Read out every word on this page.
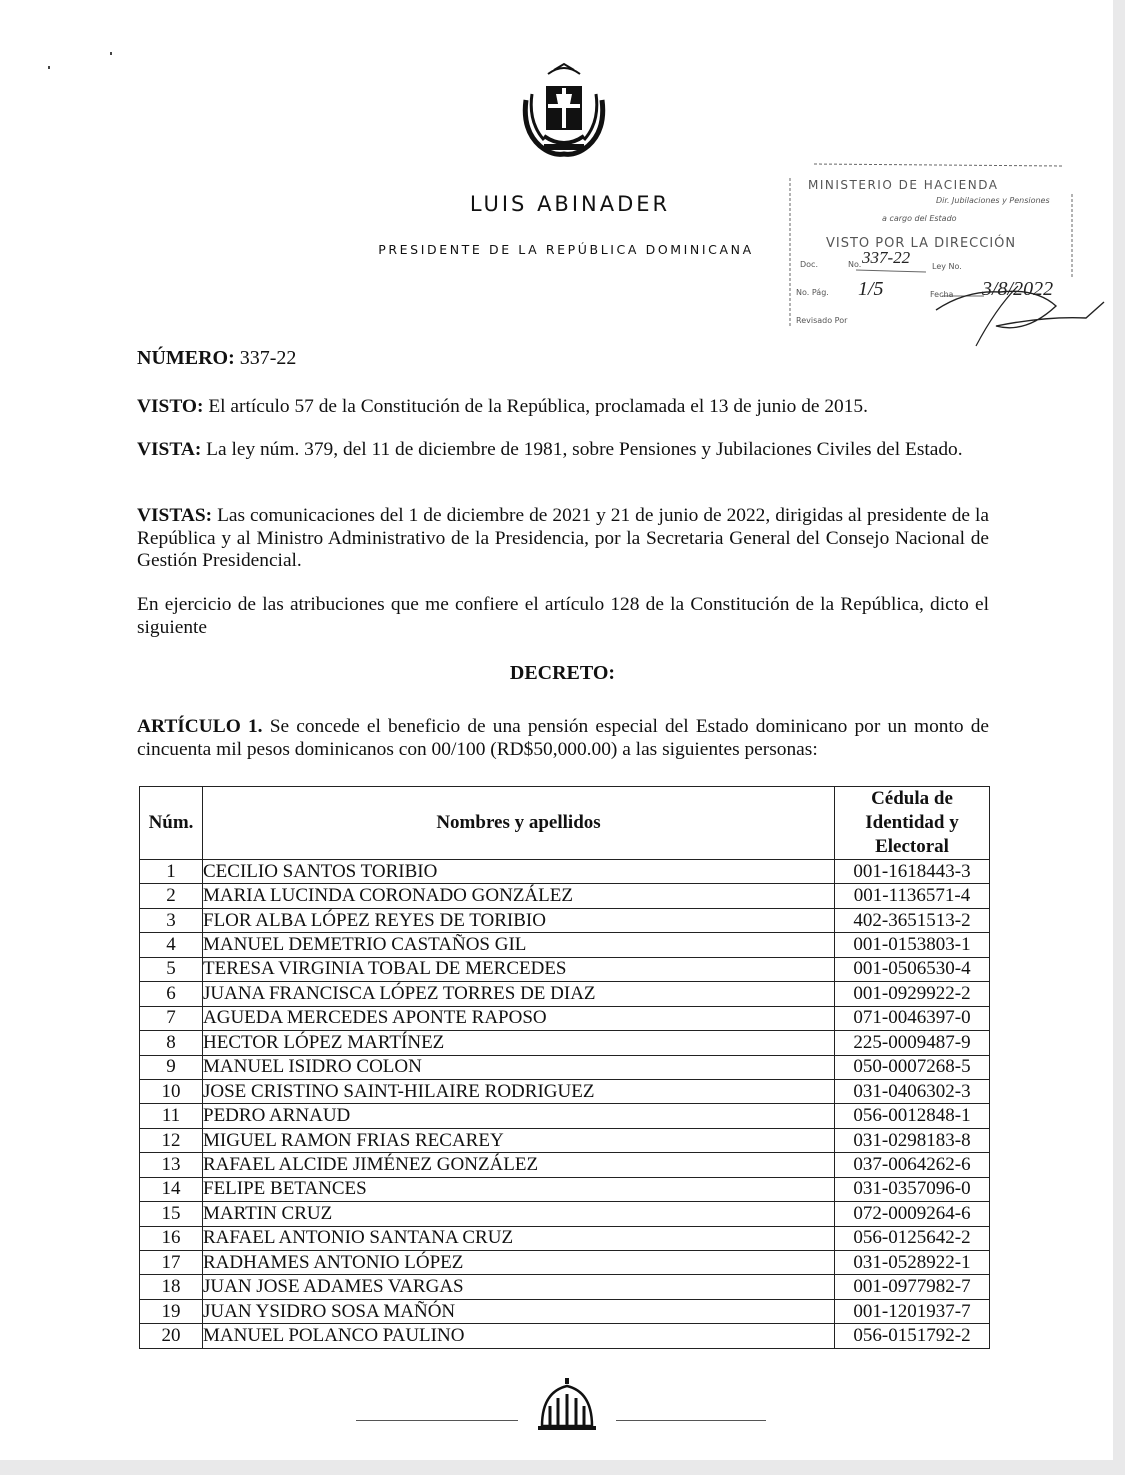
LUIS ABINADER
PRESIDENTE DE LA REPÚBLICA DOMINICANA
MINISTERIO DE HACIENDA
Dir. Jubilaciones y Pensiones
a cargo del Estado
VISTO POR LA DIRECCIÓN
Doc.	No. 337-22	Ley No.
No. Pág. 1/5	Fecha 3/8/2022
Revisado Por
NÚMERO: 337-22
VISTO: El artículo 57 de la Constitución de la República, proclamada el 13 de junio de 2015.
VISTA: La ley núm. 379, del 11 de diciembre de 1981, sobre Pensiones y Jubilaciones Civiles del Estado.
VISTAS: Las comunicaciones del 1 de diciembre de 2021 y 21 de junio de 2022, dirigidas al presidente de la República y al Ministro Administrativo de la Presidencia, por la Secretaria General del Consejo Nacional de Gestión Presidencial.
En ejercicio de las atribuciones que me confiere el artículo 128 de la Constitución de la República, dicto el siguiente
DECRETO:
ARTÍCULO 1. Se concede el beneficio de una pensión especial del Estado dominicano por un monto de cincuenta mil pesos dominicanos con 00/100 (RD$50,000.00) a las siguientes personas:
Núm.	Nombres y apellidos	Cédula de Identidad y Electoral
1	CECILIO SANTOS TORIBIO	001-1618443-3
2	MARIA LUCINDA CORONADO GONZÁLEZ	001-1136571-4
3	FLOR ALBA LÓPEZ REYES DE TORIBIO	402-3651513-2
4	MANUEL DEMETRIO CASTAÑOS GIL	001-0153803-1
5	TERESA VIRGINIA TOBAL DE MERCEDES	001-0506530-4
6	JUANA FRANCISCA LÓPEZ TORRES DE DIAZ	001-0929922-2
7	AGUEDA MERCEDES APONTE RAPOSO	071-0046397-0
8	HECTOR LÓPEZ MARTÍNEZ	225-0009487-9
9	MANUEL ISIDRO COLON	050-0007268-5
10	JOSE CRISTINO SAINT-HILAIRE RODRIGUEZ	031-0406302-3
11	PEDRO ARNAUD	056-0012848-1
12	MIGUEL RAMON FRIAS RECAREY	031-0298183-8
13	RAFAEL ALCIDE JIMÉNEZ GONZÁLEZ	037-0064262-6
14	FELIPE BETANCES	031-0357096-0
15	MARTIN CRUZ	072-0009264-6
16	RAFAEL ANTONIO SANTANA CRUZ	056-0125642-2
17	RADHAMES ANTONIO LÓPEZ	031-0528922-1
18	JUAN JOSE ADAMES VARGAS	001-0977982-7
19	JUAN YSIDRO SOSA MAÑÓN	001-1201937-7
20	MANUEL POLANCO PAULINO	056-0151792-2
